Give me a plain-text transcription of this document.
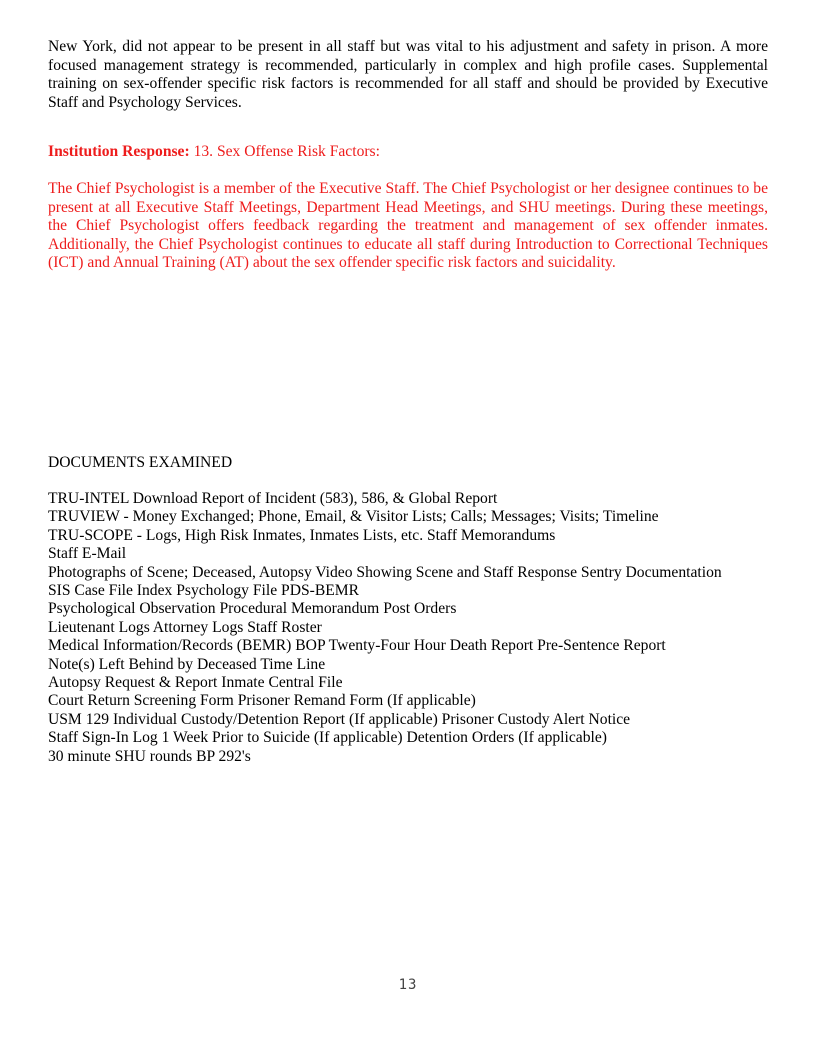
New York, did not appear to be present in all staff but was vital to his adjustment and safety in prison. A more focused management strategy is recommended, particularly in complex and high profile cases. Supplemental training on sex-offender specific risk factors is recommended for all staff and should be provided by Executive Staff and Psychology Services.

Institution Response: 13. Sex Offense Risk Factors:

The Chief Psychologist is a member of the Executive Staff. The Chief Psychologist or her designee continues to be present at all Executive Staff Meetings, Department Head Meetings, and SHU meetings. During these meetings, the Chief Psychologist offers feedback regarding the treatment and management of sex offender inmates. Additionally, the Chief Psychologist continues to educate all staff during Introduction to Correctional Techniques (ICT) and Annual Training (AT) about the sex offender specific risk factors and suicidality.

DOCUMENTS EXAMINED

TRU-INTEL Download Report of Incident (583), 586, & Global Report
TRUVIEW - Money Exchanged; Phone, Email, & Visitor Lists; Calls; Messages; Visits; Timeline
TRU-SCOPE - Logs, High Risk Inmates, Inmates Lists, etc. Staff Memorandums
Staff E-Mail
Photographs of Scene; Deceased, Autopsy Video Showing Scene and Staff Response Sentry Documentation
SIS Case File Index Psychology File PDS-BEMR
Psychological Observation Procedural Memorandum Post Orders
Lieutenant Logs Attorney Logs Staff Roster
Medical Information/Records (BEMR) BOP Twenty-Four Hour Death Report Pre-Sentence Report
Note(s) Left Behind by Deceased Time Line
Autopsy Request & Report Inmate Central File
Court Return Screening Form Prisoner Remand Form (If applicable)
USM 129 Individual Custody/Detention Report (If applicable) Prisoner Custody Alert Notice
Staff Sign-In Log 1 Week Prior to Suicide (If applicable) Detention Orders (If applicable)
30 minute SHU rounds BP 292's
13
